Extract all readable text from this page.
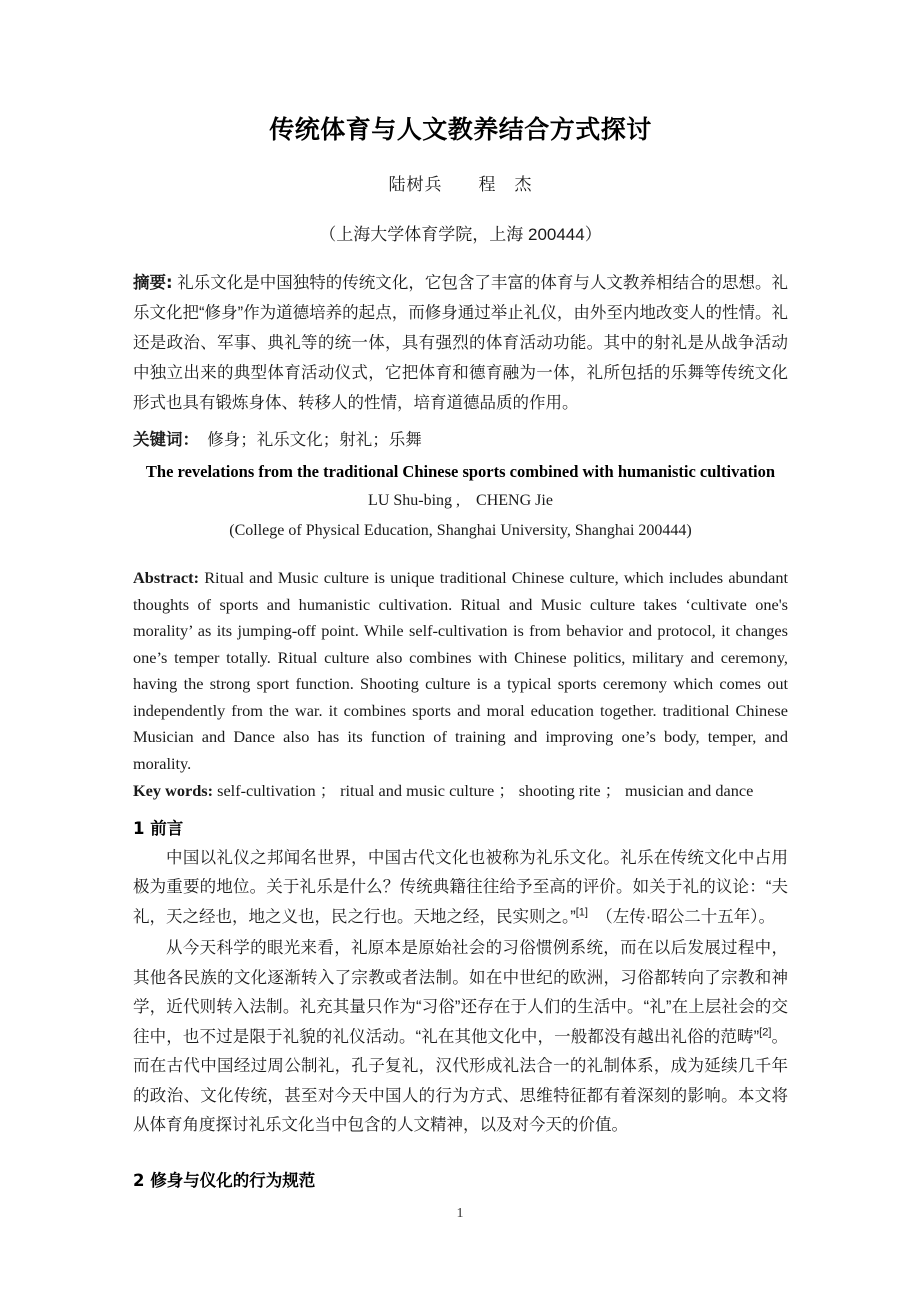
传统体育与人文教养结合方式探讨

陆树兵　　程　杰

（上海大学体育学院，上海 200444）

摘要: 礼乐文化是中国独特的传统文化，它包含了丰富的体育与人文教养相结合的思想。礼乐文化把“修身”作为道德培养的起点，而修身通过举止礼仪，由外至内地改变人的性情。礼还是政治、军事、典礼等的统一体，具有强烈的体育活动功能。其中的射礼是从战争活动中独立出来的典型体育活动仪式，它把体育和德育融为一体，礼所包括的乐舞等传统文化形式也具有锻炼身体、转移人的性情，培育道德品质的作用。

关键词：　修身；礼乐文化；射礼；乐舞

The revelations from the traditional Chinese sports combined with humanistic cultivation

LU Shu-bing ,　CHENG Jie

(College of Physical Education, Shanghai University, Shanghai 200444)

Abstract: Ritual and Music culture is unique traditional Chinese culture, which includes abundant thoughts of sports and humanistic cultivation. Ritual and Music culture takes ‘cultivate one's morality’ as its jumping-off point. While self-cultivation is from behavior and protocol, it changes one’s temper totally. Ritual culture also combines with Chinese politics, military and ceremony, having the strong sport function. Shooting culture is a typical sports ceremony which comes out independently from the war. it combines sports and moral education together. traditional Chinese Musician and Dance also has its function of training and improving one’s body, temper, and morality.

Key words: self-cultivation ； ritual and music culture ； shooting rite ； musician and dance

1 前言

中国以礼仪之邦闻名世界，中国古代文化也被称为礼乐文化。礼乐在传统文化中占用极为重要的地位。关于礼乐是什么？传统典籍往往给予至高的评价。如关于礼的议论：“夫礼，天之经也，地之义也，民之行也。天地之经，民实则之。”[1]　（左传·昭公二十五年）。

从今天科学的眼光来看，礼原本是原始社会的习俗惯例系统，而在以后发展过程中，其他各民族的文化逐渐转入了宗教或者法制。如在中世纪的欧洲，习俗都转向了宗教和神学，近代则转入法制。礼充其量只作为“习俗”还存在于人们的生活中。“礼”在上层社会的交往中，也不过是限于礼貌的礼仪活动。“礼在其他文化中，一般都没有越出礼俗的范畴”[2]。而在古代中国经过周公制礼，孔子复礼，汉代形成礼法合一的礼制体系，成为延续几千年的政治、文化传统，甚至对今天中国人的行为方式、思维特征都有着深刻的影响。本文将从体育角度探讨礼乐文化当中包含的人文精神，以及对今天的价值。

2 修身与仪化的行为规范
1
